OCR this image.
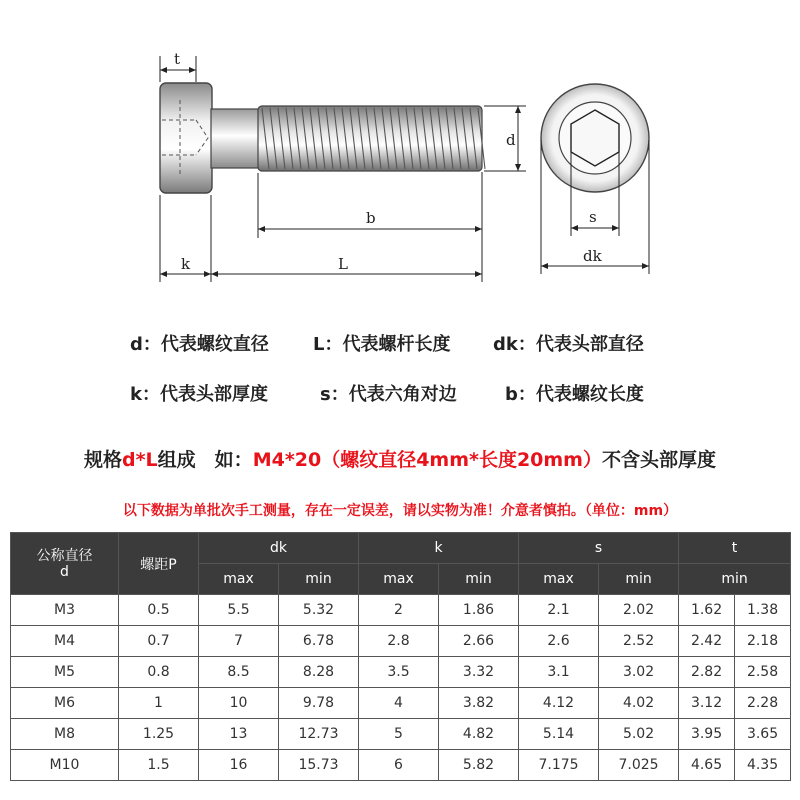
t
k	L
b
d
s
dk
d：代表螺纹直径 L：代表螺杆长度 dk：代表头部直径
k：代表头部厚度	s：代表六角对边	b：代表螺纹长度
规格d*L组成　如：M4*20（螺纹直径4mm*长度20mm）不含头部厚度
以下数据为单批次手工测量，存在一定误差，请以实物为准！介意者慎拍。（单位：mm）
公称直径
d	螺距P	dk		k		s		t	
		max	min	max	min	max	min	min	
M3	0.5	5.5	5.32	2	1.86	2.1	2.02	1.62	1.38
M4	0.7	7	6.78	2.8	2.66	2.6	2.52	2.42	2.18
M5	0.8	8.5	8.28	3.5	3.32	3.1	3.02	2.82	2.58
M6	1	10	9.78	4	3.82	4.12	4.02	3.12	2.28
M8	1.25	13	12.73	5	4.82	5.14	5.02	3.95	3.65
M10	1.5	16	15.73	6	5.82	7.175	7.025	4.65	4.35
